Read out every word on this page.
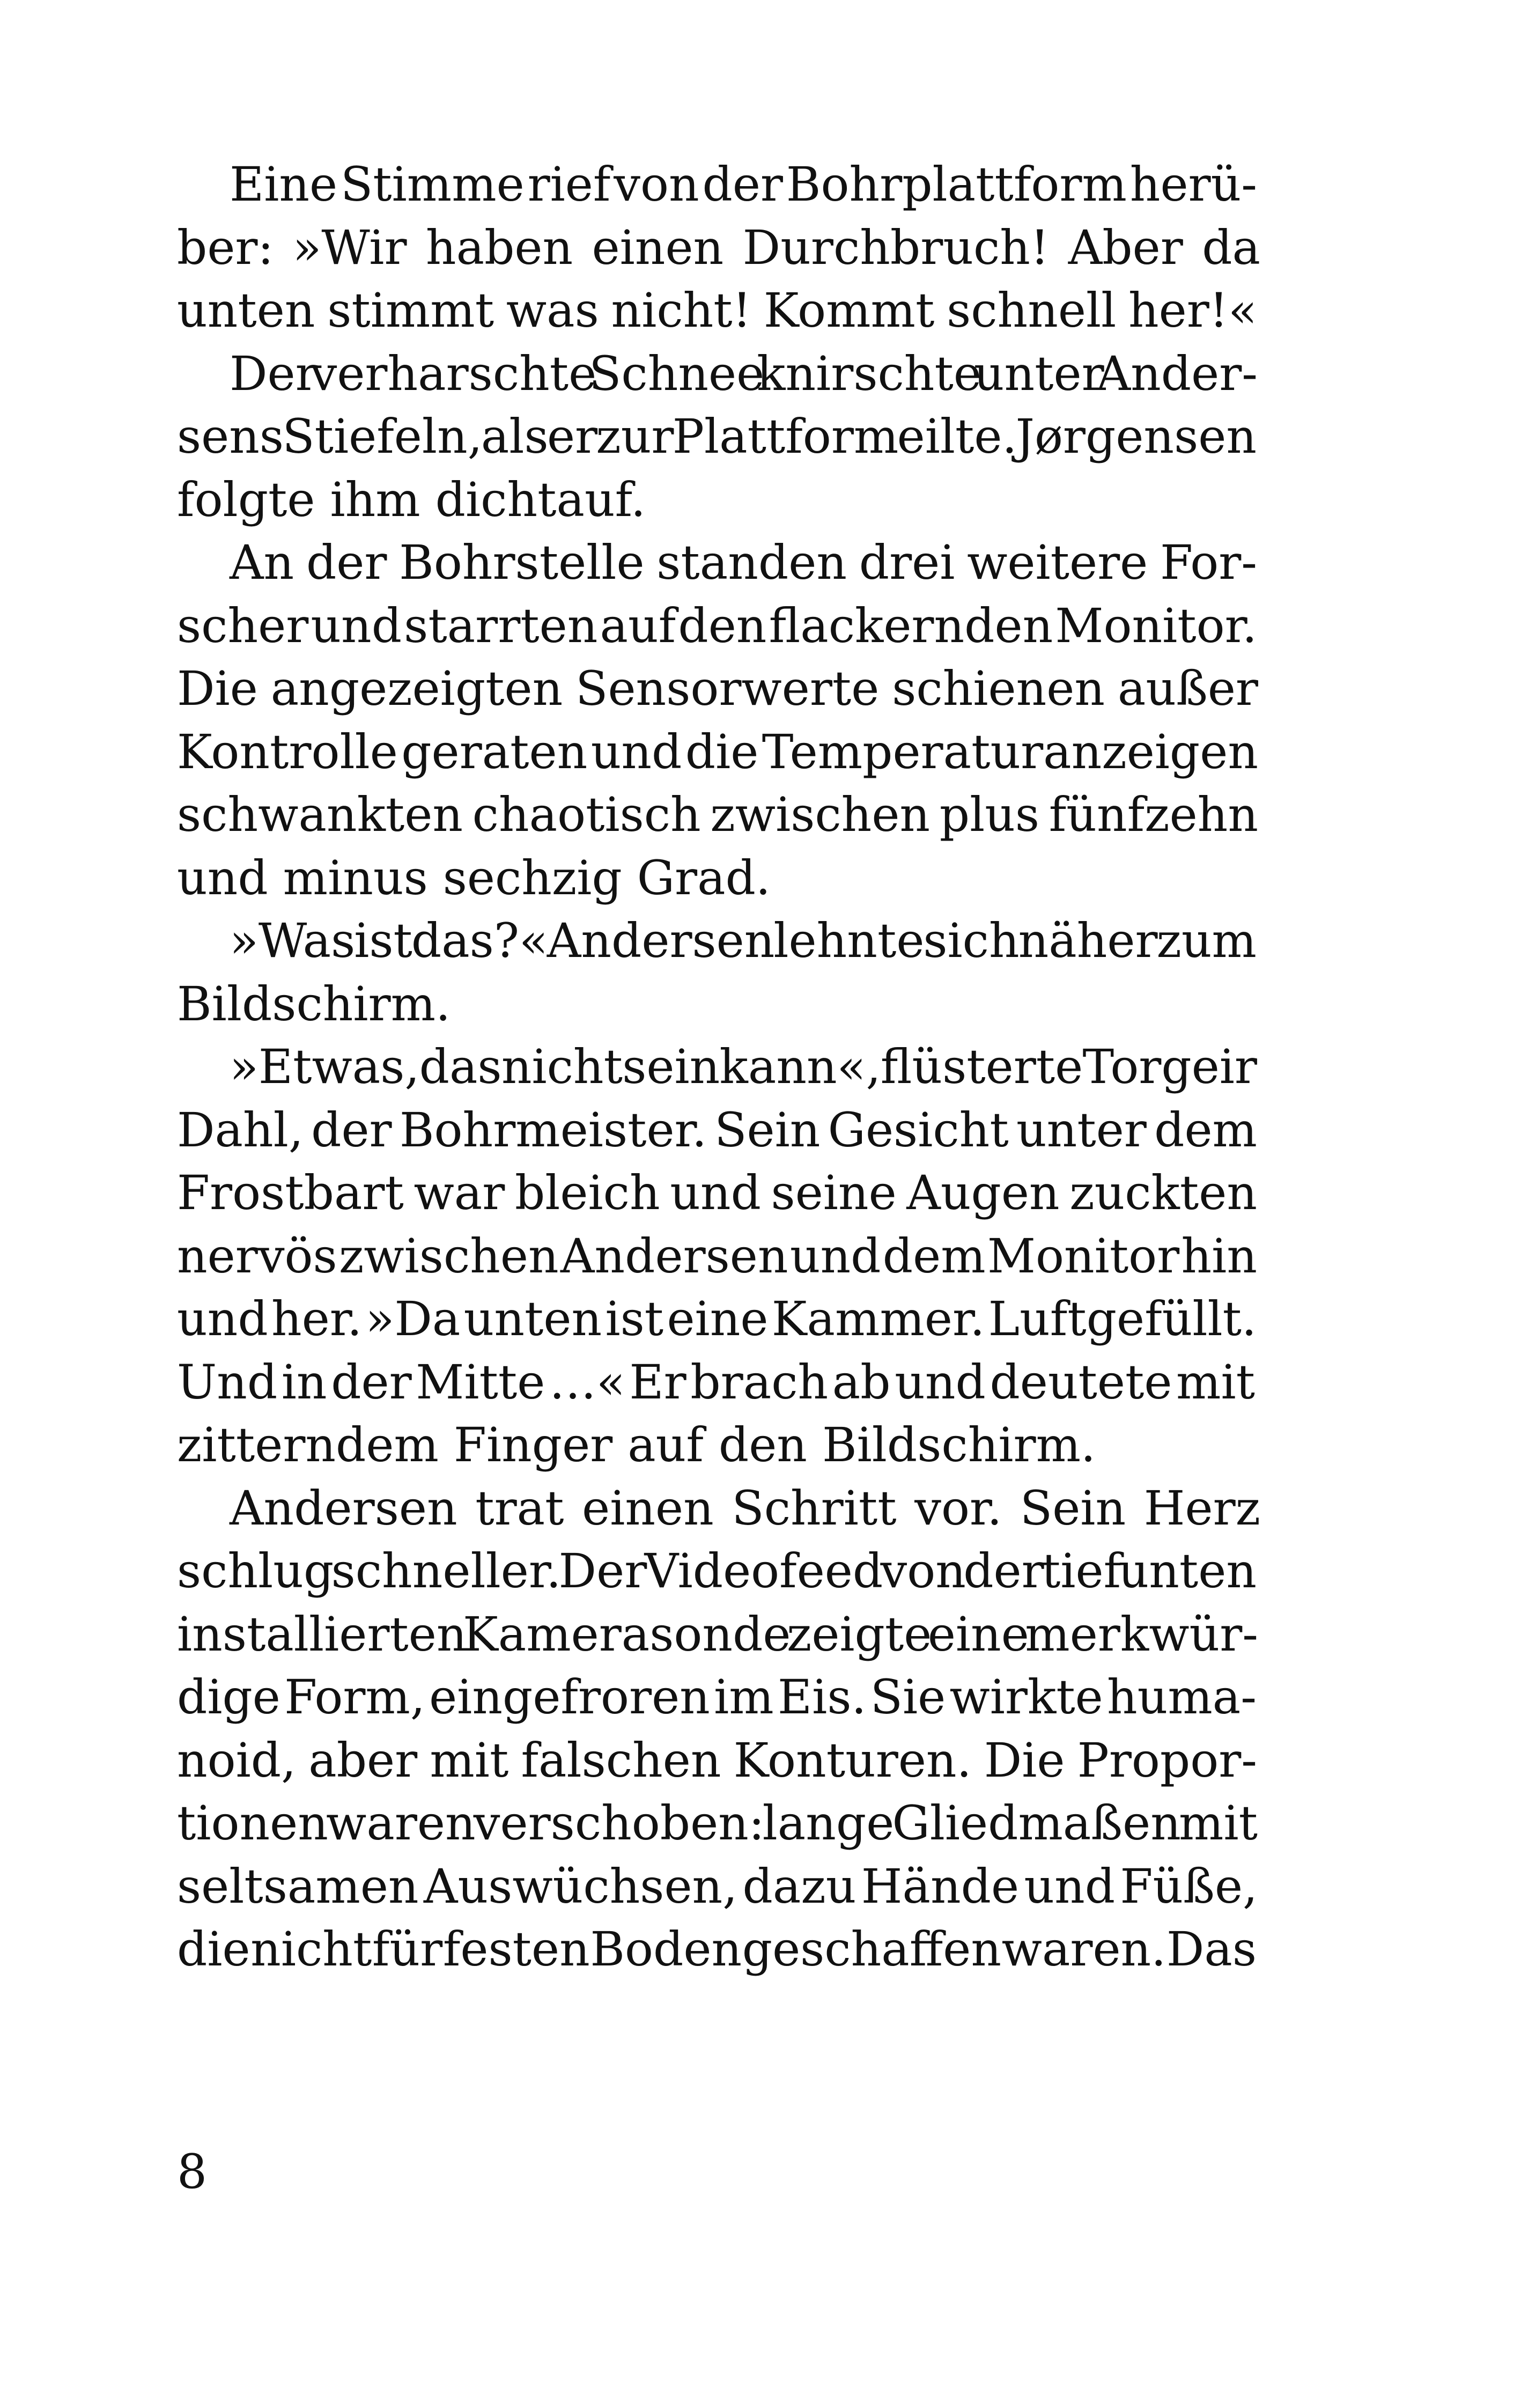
Eine Stimme rief von der Bohrplattform herü-
ber: »Wir haben einen Durchbruch! Aber da
unten stimmt was nicht! Kommt schnell her!«
Der verharschte Schnee knirschte unter Ander-
sens Stiefeln, als er zur Plattform eilte. Jørgensen
folgte ihm dichtauf.
An der Bohrstelle standen drei weitere For-
scher und starrten auf den flackernden Monitor.
Die angezeigten Sensorwerte schienen außer
Kontrolle geraten und die Temperaturanzeigen
schwankten chaotisch zwischen plus fünfzehn
und minus sechzig Grad.
»Was ist das?« Andersen lehnte sich näher zum
Bildschirm.
»Etwas, das nicht sein kann«, flüsterte Torgeir
Dahl, der Bohrmeister. Sein Gesicht unter dem
Frostbart war bleich und seine Augen zuckten
nervös zwischen Andersen und dem Monitor hin
und her. »Da unten ist eine Kammer. Luftgefüllt.
Und in der Mitte …« Er brach ab und deutete mit
zitterndem Finger auf den Bildschirm.
Andersen trat einen Schritt vor. Sein Herz
schlug schneller. Der Videofeed von der tief unten
installierten Kamerasonde zeigte eine merkwür-
dige Form, eingefroren im Eis. Sie wirkte huma-
noid, aber mit falschen Konturen. Die Propor-
tionen waren verschoben: lange Gliedmaßen mit
seltsamen Auswüchsen, dazu Hände und Füße,
die nicht für festen Boden geschaffen waren. Das
8
